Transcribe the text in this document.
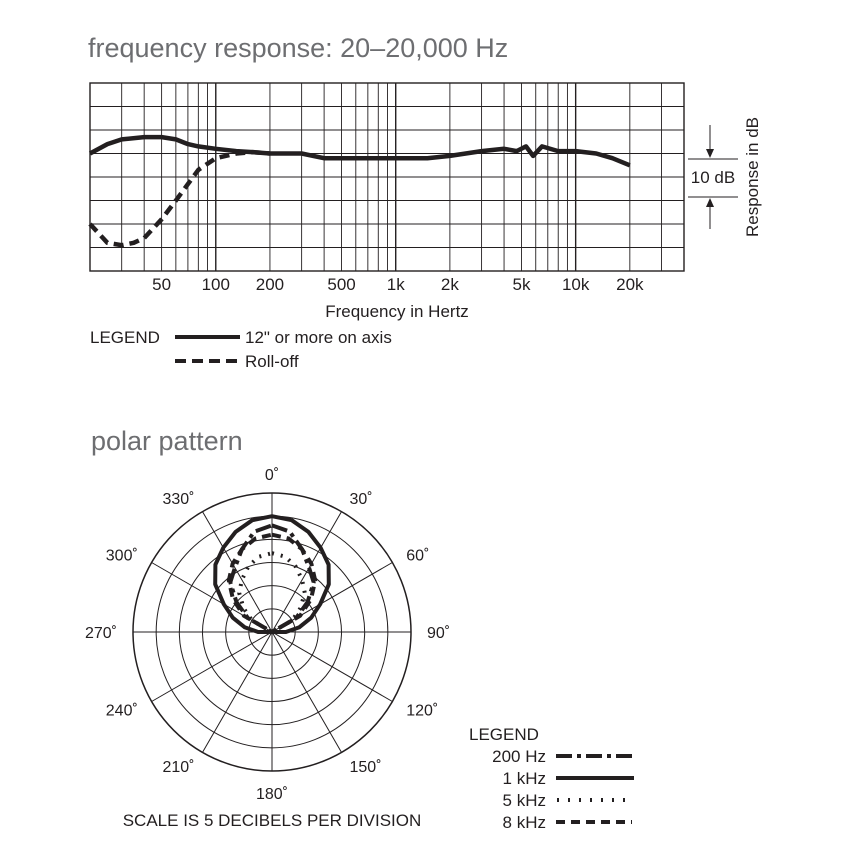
frequency response: 20–20,000 Hz
50 100 200	500 1k 2k	5k 10k 20k
Frequency in Hertz
Response in dB
10 dB
LEGEND	12" or more on axis
Roll-off
polar pattern
0˚
30˚
60˚
90˚
120˚
150˚
180˚
210˚
240˚
270˚
300˚
330˚
SCALE IS 5 DECIBELS PER DIVISION
LEGEND
200 Hz
1 kHz
5 kHz
8 kHz
